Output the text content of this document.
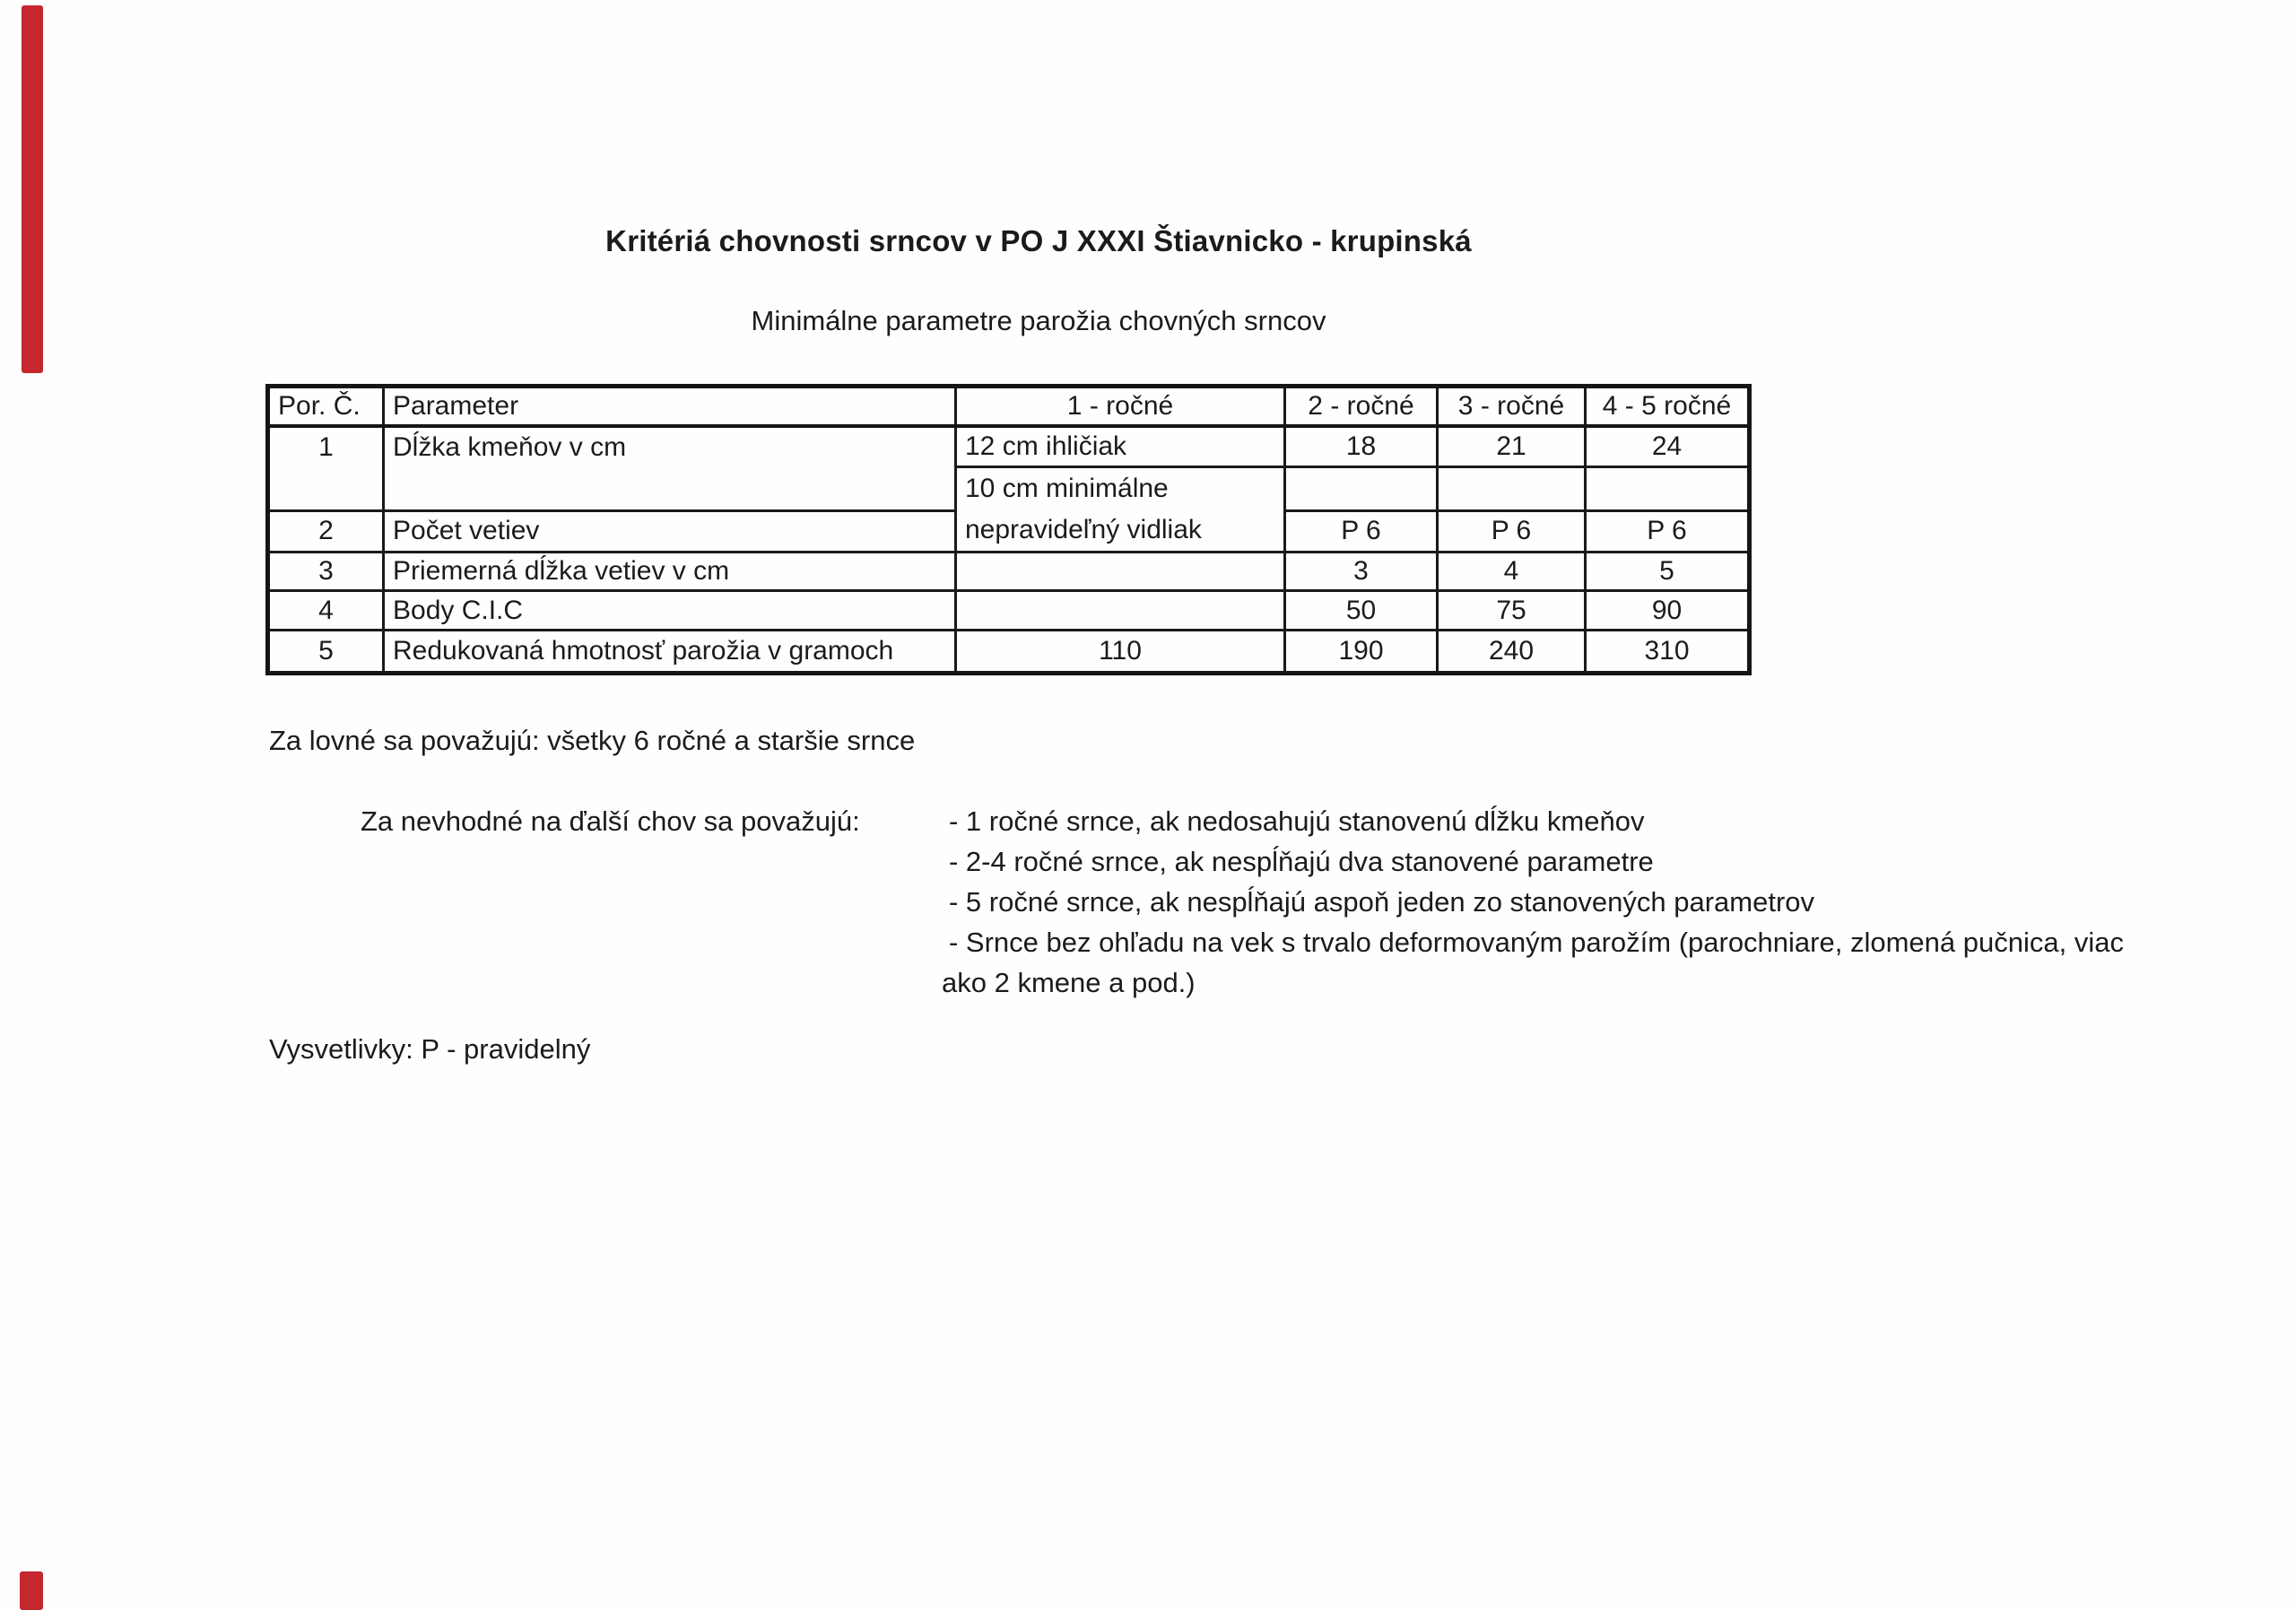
Kritériá chovnosti srncov v PO J XXXI Štiavnicko - krupinská
Minimálne parametre parožia chovných srncov
Por. Č.	Parameter	1 - ročné	2 - ročné	3 - ročné	4 - 5 ročné
1	Dĺžka kmeňov v cm	12 cm ihličiak	18	21	24
		10 cm minimálne
nepravideľný vidliak			
2	Počet vetiev		P 6	P 6	P 6
3	Priemerná dĺžka vetiev v cm		3	4	5
4	Body C.I.C		50	75	90
5	Redukovaná hmotnosť parožia v gramoch	110	190	240	310
Za lovné sa považujú: všetky 6 ročné a staršie srnce
Za nevhodné na ďalší chov sa považujú:	- 1 ročné srnce, ak nedosahujú stanovenú dĺžku kmeňov
- 2-4 ročné srnce, ak nespĺňajú dva stanovené parametre
- 5 ročné srnce, ak nespĺňajú aspoň jeden zo stanovených parametrov
- Srnce bez ohľadu na vek s trvalo deformovaným parožím (parochniare, zlomená pučnica, viac
ako 2 kmene a pod.)
Vysvetlivky: P - pravidelný
